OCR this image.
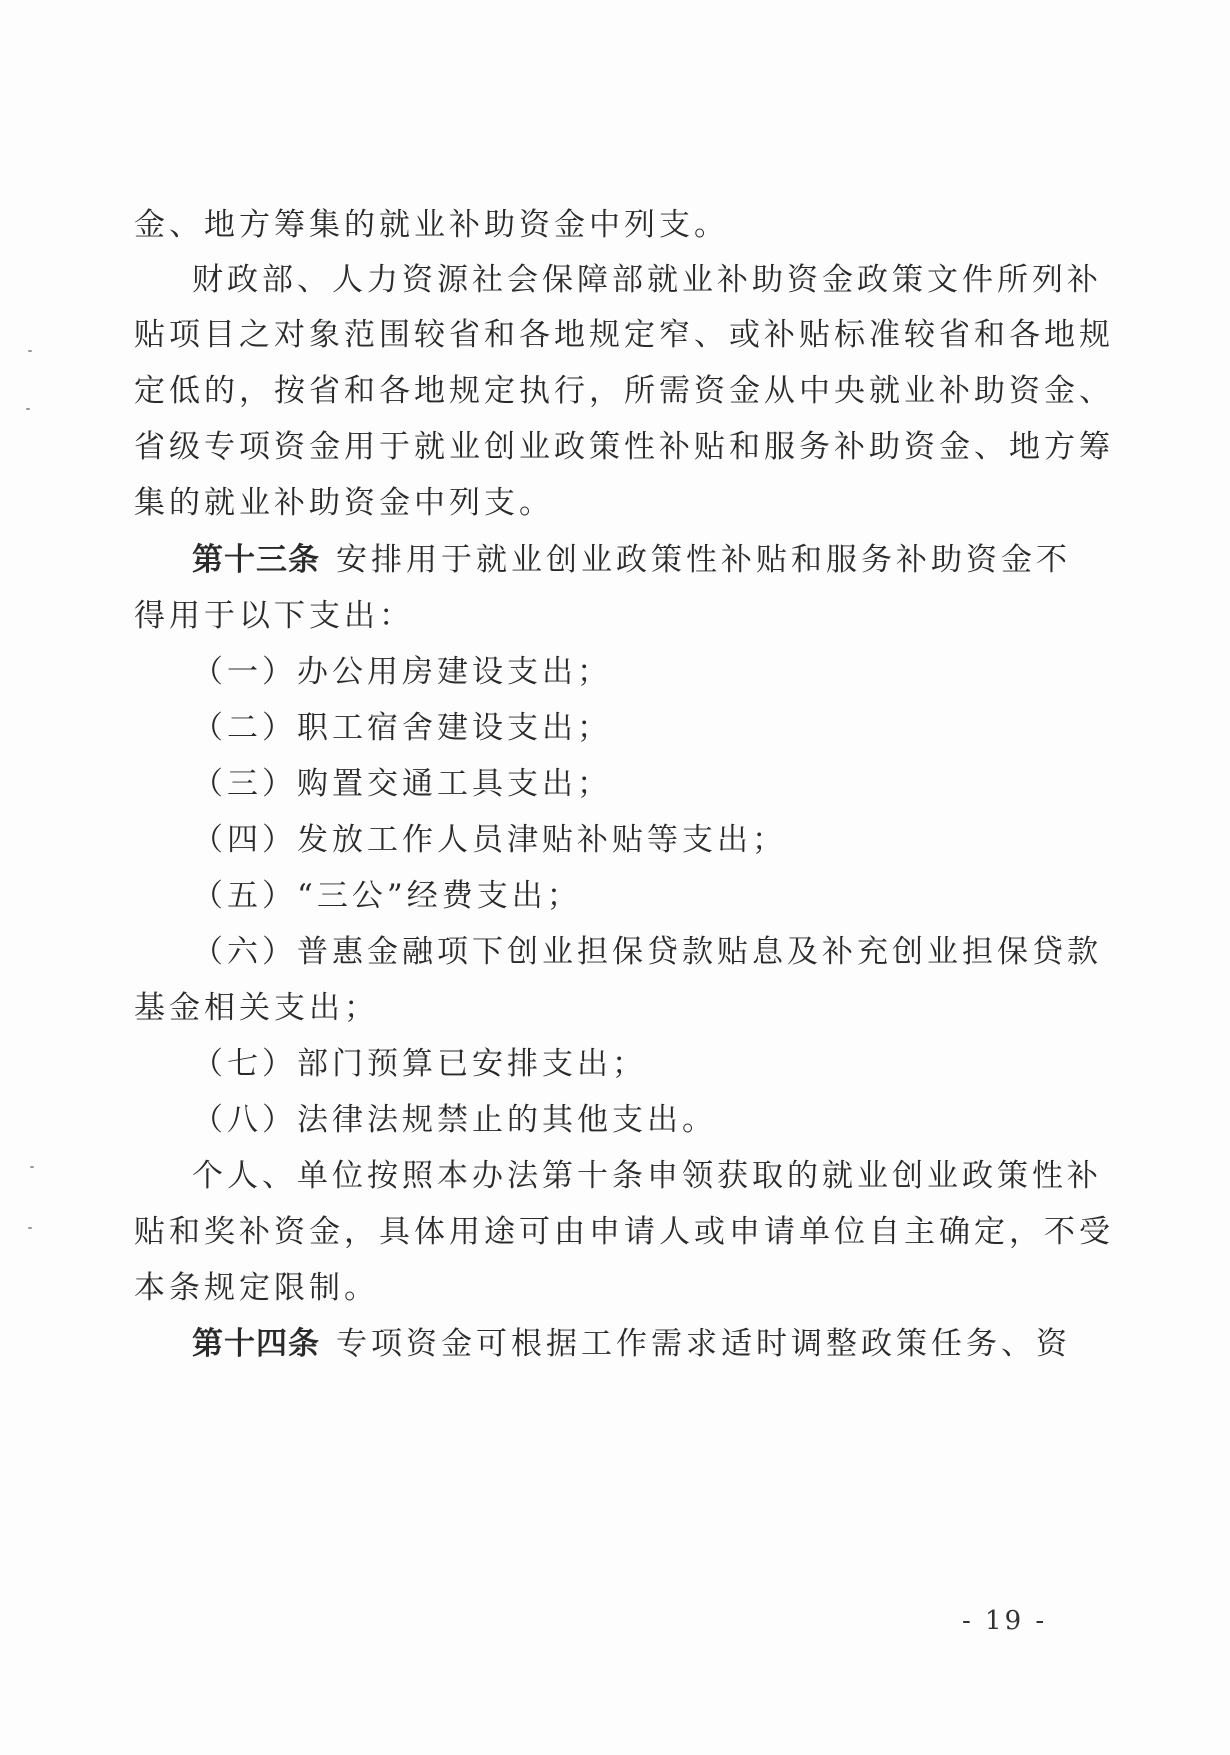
金、地方筹集的就业补助资金中列支。
财政部、人力资源社会保障部就业补助资金政策文件所列补
贴项目之对象范围较省和各地规定窄、或补贴标准较省和各地规
定低的，按省和各地规定执行，所需资金从中央就业补助资金、
省级专项资金用于就业创业政策性补贴和服务补助资金、地方筹
集的就业补助资金中列支。
第十三条 安排用于就业创业政策性补贴和服务补助资金不
得用于以下支出：
（一）办公用房建设支出；
（二）职工宿舍建设支出；
（三）购置交通工具支出；
（四）发放工作人员津贴补贴等支出；
（五）“三公”经费支出；
（六）普惠金融项下创业担保贷款贴息及补充创业担保贷款
基金相关支出；
（七）部门预算已安排支出；
（八）法律法规禁止的其他支出。
个人、单位按照本办法第十条申领获取的就业创业政策性补
贴和奖补资金，具体用途可由申请人或申请单位自主确定，不受
本条规定限制。
第十四条 专项资金可根据工作需求适时调整政策任务、资
- 19 -
